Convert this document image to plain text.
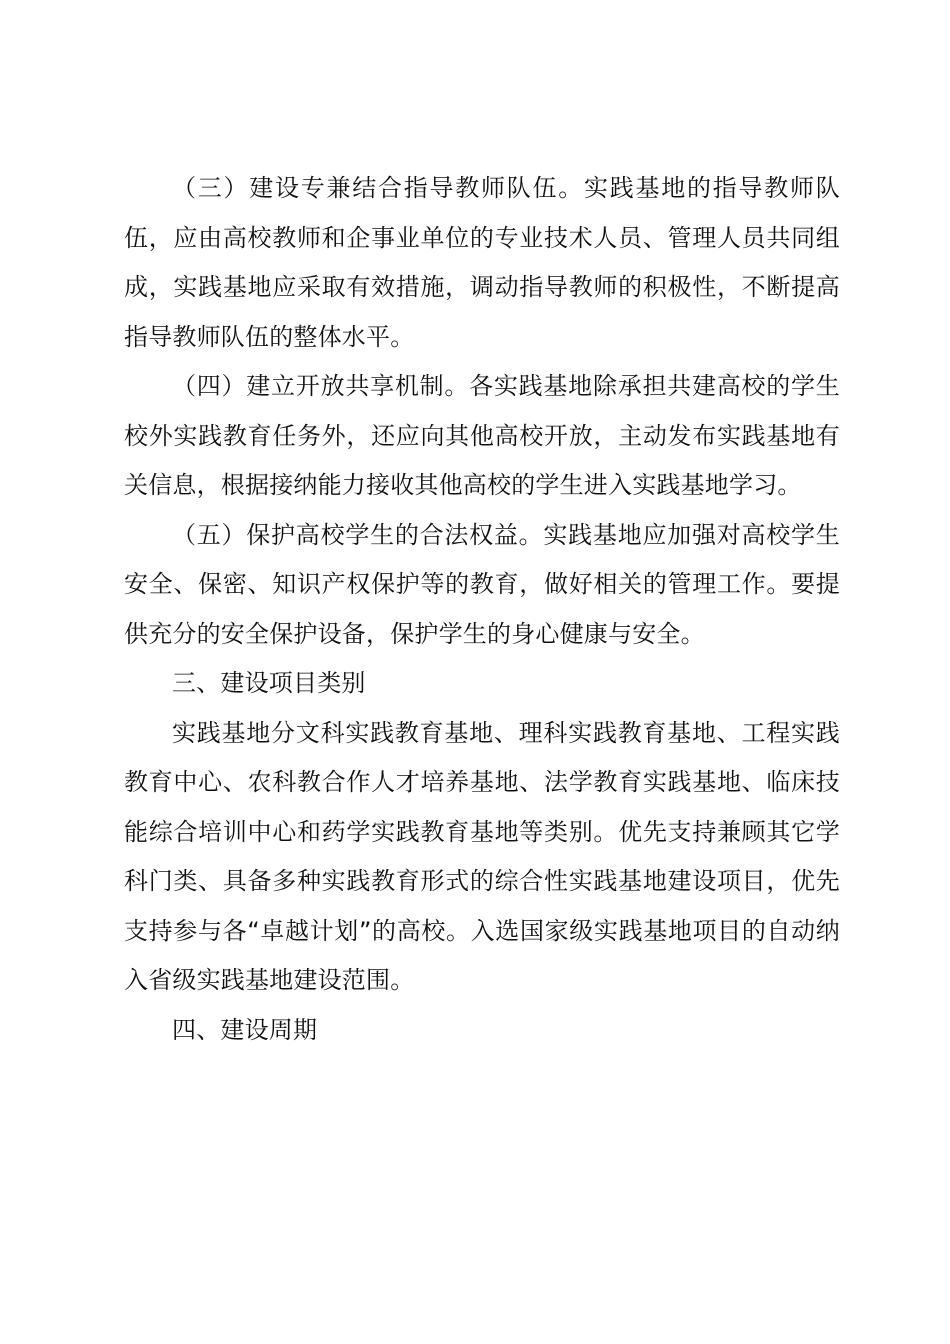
（三）建设专兼结合指导教师队伍。实践基地的指导教师队伍，应由高校教师和企事业单位的专业技术人员、管理人员共同组成，实践基地应采取有效措施，调动指导教师的积极性，不断提高指导教师队伍的整体水平。

（四）建立开放共享机制。各实践基地除承担共建高校的学生校外实践教育任务外，还应向其他高校开放，主动发布实践基地有关信息，根据接纳能力接收其他高校的学生进入实践基地学习。

（五）保护高校学生的合法权益。实践基地应加强对高校学生安全、保密、知识产权保护等的教育，做好相关的管理工作。要提供充分的安全保护设备，保护学生的身心健康与安全。

三、建设项目类别

实践基地分文科实践教育基地、理科实践教育基地、工程实践教育中心、农科教合作人才培养基地、法学教育实践基地、临床技能综合培训中心和药学实践教育基地等类别。优先支持兼顾其它学科门类、具备多种实践教育形式的综合性实践基地建设项目，优先支持参与各“卓越计划”的高校。入选国家级实践基地项目的自动纳入省级实践基地建设范围。

四、建设周期
